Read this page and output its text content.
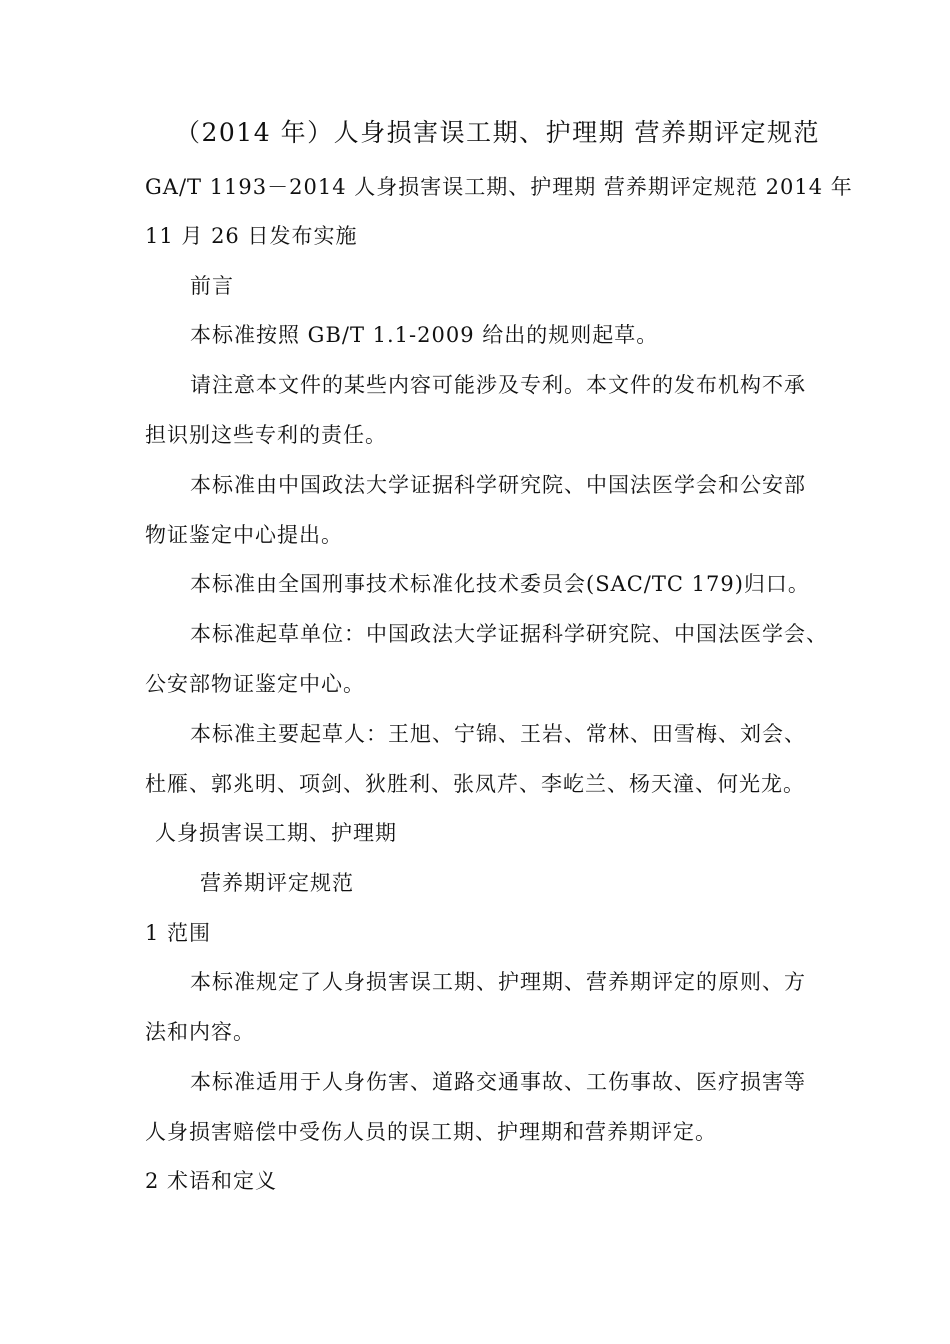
（2014 年）人身损害误工期、护理期 营养期评定规范
GA/T 1193－2014 人身损害误工期、护理期 营养期评定规范 2014 年
11 月 26 日发布实施
前言
本标准按照 GB/T 1.1-2009 给出的规则起草。
请注意本文件的某些内容可能涉及专利。本文件的发布机构不承
担识别这些专利的责任。
本标准由中国政法大学证据科学研究院、中国法医学会和公安部
物证鉴定中心提出。
本标准由全国刑事技术标准化技术委员会(SAC/TC 179)归口。
本标准起草单位：中国政法大学证据科学研究院、中国法医学会、
公安部物证鉴定中心。
本标准主要起草人：王旭、宁锦、王岩、常林、田雪梅、刘会、
杜雁、郭兆明、项剑、狄胜利、张凤芹、李屹兰、杨天潼、何光龙。
人身损害误工期、护理期
营养期评定规范
1 范围
本标准规定了人身损害误工期、护理期、营养期评定的原则、方
法和内容。
本标准适用于人身伤害、道路交通事故、工伤事故、医疗损害等
人身损害赔偿中受伤人员的误工期、护理期和营养期评定。
2 术语和定义
